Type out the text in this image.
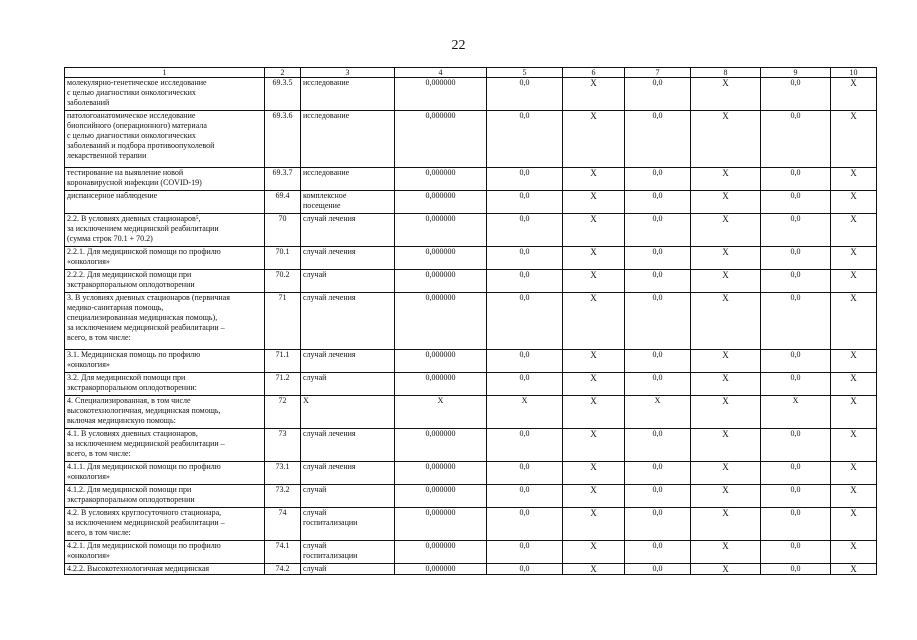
22
1	2	3	4	5	6	7	8	9	10
молекулярно-генетическое исследование
с целью диагностики онкологических
заболеваний	69.3.5	исследование	0,000000	0,0	Х	0,0	Х	0,0	Х
патологоанатомическое исследование
биопсийного (операционного) материала
с целью диагностики онкологических
заболеваний и подбора противоопухолевой
лекарственной терапии	69.3.6	исследование	0,000000	0,0	Х	0,0	Х	0,0	Х
тестирование на выявление новой
коронавирусной инфекции (COVID-19)	69.3.7	исследование	0,000000	0,0	Х	0,0	Х	0,0	Х
диспансерное наблюдение	69.4	комплексное
посещение	0,000000	0,0	Х	0,0	Х	0,0	Х
2.2. В условиях дневных стационаров⁵,
за исключением медицинской реабилитации
(сумма строк 70.1 + 70.2)	70	случай лечения	0,000000	0,0	Х	0,0	Х	0,0	Х
2.2.1. Для медицинской помощи по профилю
«онкология»	70.1	случай лечения	0,000000	0,0	Х	0,0	Х	0,0	Х
2.2.2. Для медицинской помощи при
экстракорпоральном оплодотворении	70.2	случай	0,000000	0,0	Х	0,0	Х	0,0	Х
3. В условиях дневных стационаров (первичная
медико-санитарная помощь,
специализированная медицинская помощь),
за исключением медицинской реабилитации –
всего, в том числе:	71	случай лечения	0,000000	0,0	Х	0,0	Х	0,0	Х
3.1. Медицинская помощь по профилю
«онкология»	71.1	случай лечения	0,000000	0,0	Х	0,0	Х	0,0	Х
3.2. Для медицинской помощи при
экстракорпоральном оплодотворении:	71.2	случай	0,000000	0,0	Х	0,0	Х	0,0	Х
4. Специализированная, в том числе
высокотехнологичная, медицинская помощь,
включая медицинскую помощь:	72	Х	Х	Х	Х	Х	Х	Х	Х
4.1. В условиях дневных стационаров,
за исключением медицинской реабилитации –
всего, в том числе:	73	случай лечения	0,000000	0,0	Х	0,0	Х	0,0	Х
4.1.1. Для медицинской помощи по профилю
«онкология»	73.1	случай лечения	0,000000	0,0	Х	0,0	Х	0,0	Х
4.1.2. Для медицинской помощи при
экстракорпоральном оплодотворении	73.2	случай	0,000000	0,0	Х	0,0	Х	0,0	Х
4.2. В условиях круглосуточного стационара,
за исключением медицинской реабилитации –
всего, в том числе:	74	случай
госпитализации	0,000000	0,0	Х	0,0	Х	0,0	Х
4.2.1. Для медицинской помощи по профилю
«онкология»	74.1	случай
госпитализации	0,000000	0,0	Х	0,0	Х	0,0	Х
4.2.2. Высокотехнологичная медицинская	74.2	случай	0,000000	0,0	Х	0,0	Х	0,0	Х
